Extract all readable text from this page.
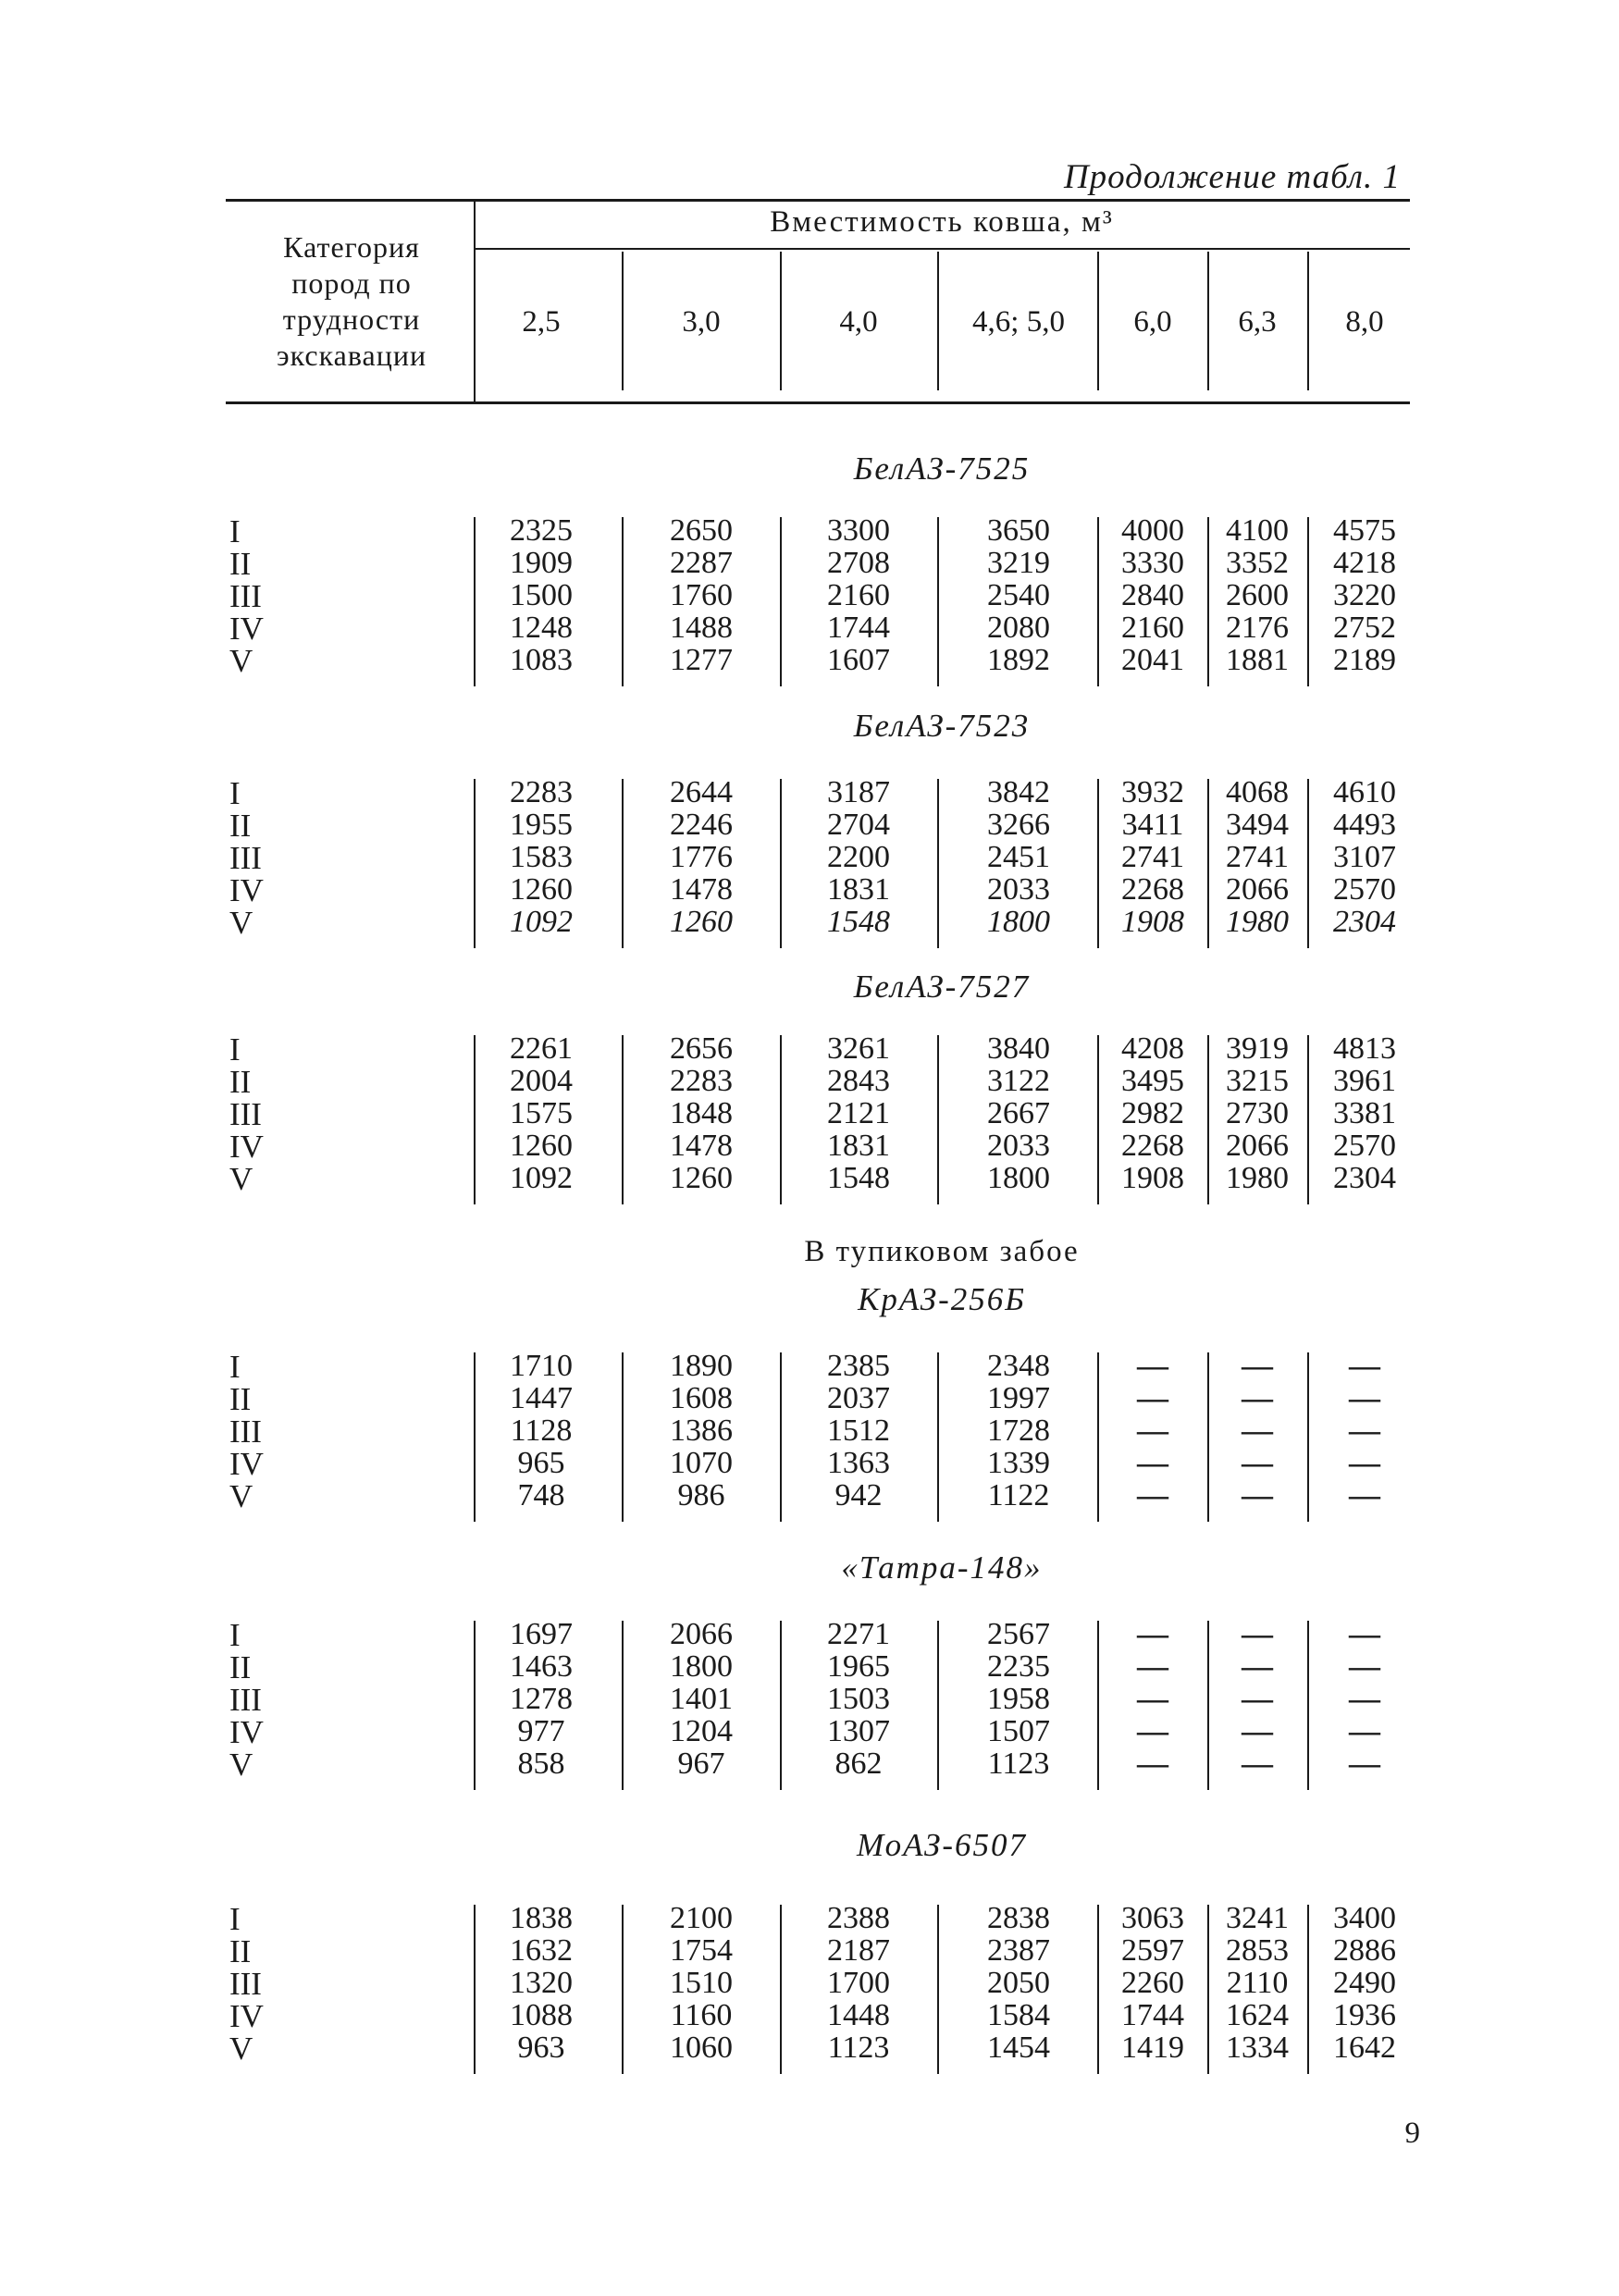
Продолжение табл. 1
Категория
пород по
трудности
экскавации
Вместимость ковша, м³
2,5	3,0	4,0	4,6; 5,0	6,0	6,3	8,0
БелАЗ-7525
I	2325	2650	3300	3650	4000	4100	4575
II	1909	2287	2708	3219	3330	3352	4218
III	1500	1760	2160	2540	2840	2600	3220
IV	1248	1488	1744	2080	2160	2176	2752
V	1083	1277	1607	1892	2041	1881	2189
БелАЗ-7523
I	2283	2644	3187	3842	3932	4068	4610
II	1955	2246	2704	3266	3411	3494	4493
III	1583	1776	2200	2451	2741	2741	3107
IV	1260	1478	1831	2033	2268	2066	2570
V	1092	1260	1548	1800	1908	1980	2304
БелАЗ-7527
I	2261	2656	3261	3840	4208	3919	4813
II	2004	2283	2843	3122	3495	3215	3961
III	1575	1848	2121	2667	2982	2730	3381
IV	1260	1478	1831	2033	2268	2066	2570
V	1092	1260	1548	1800	1908	1980	2304
В тупиковом забое
КрАЗ-256Б
I	1710	1890	2385	2348	—	—	—
II	1447	1608	2037	1997	—	—	—
III	1128	1386	1512	1728	—	—	—
IV	965	1070	1363	1339	—	—	—
V	748	986	942	1122	—	—	—
«Татра-148»
I	1697	2066	2271	2567	—	—	—
II	1463	1800	1965	2235	—	—	—
III	1278	1401	1503	1958	—	—	—
IV	977	1204	1307	1507	—	—	—
V	858	967	862	1123	—	—	—
МоАЗ-6507
I	1838	2100	2388	2838	3063	3241	3400
II	1632	1754	2187	2387	2597	2853	2886
III	1320	1510	1700	2050	2260	2110	2490
IV	1088	1160	1448	1584	1744	1624	1936
V	963	1060	1123	1454	1419	1334	1642
9
